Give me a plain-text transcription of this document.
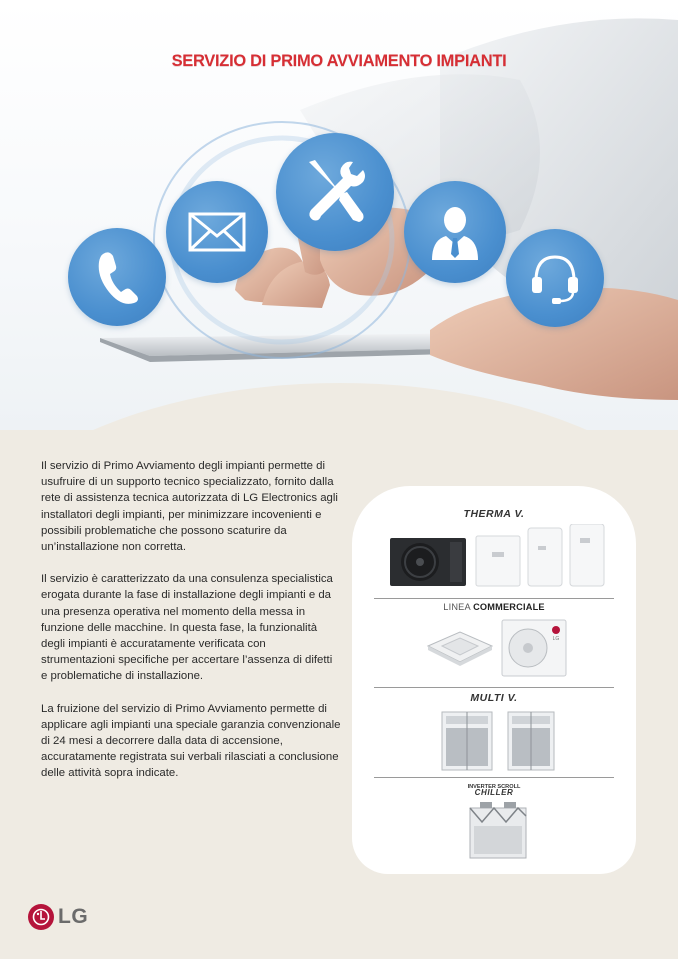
SERVIZIO DI PRIMO AVVIAMENTO IMPIANTI

Il servizio di Primo Avviamento degli impianti permette di usufruire di un supporto tecnico specializzato, fornito dalla rete di assistenza tecnica autorizzata di LG Electronics agli installatori degli impianti, per minimizzare incovenienti e possibili problematiche che possono scaturire da un’installazione non corretta.

Il servizio è caratterizzato da una consulenza specialistica erogata durante la fase di installazione degli impianti e da una presenza operativa nel momento della messa in funzione delle macchine. In questa fase, la funzionalità degli impianti è accuratamente verificata con strumentazioni specifiche per accertare l’assenza di difetti e problematiche di installazione.

La fruizione del servizio di Primo Avviamento permette di applicare agli impianti una speciale garanzia convenzionale di 24 mesi a decorrere dalla data di accensione, accuratamente registrata sui verbali rilasciati a conclusione delle attività sopra indicate.

THERMA V.
LINEA COMMERCIALE
LG
MULTI V.
INVERTER SCROLL
CHILLER
LG
